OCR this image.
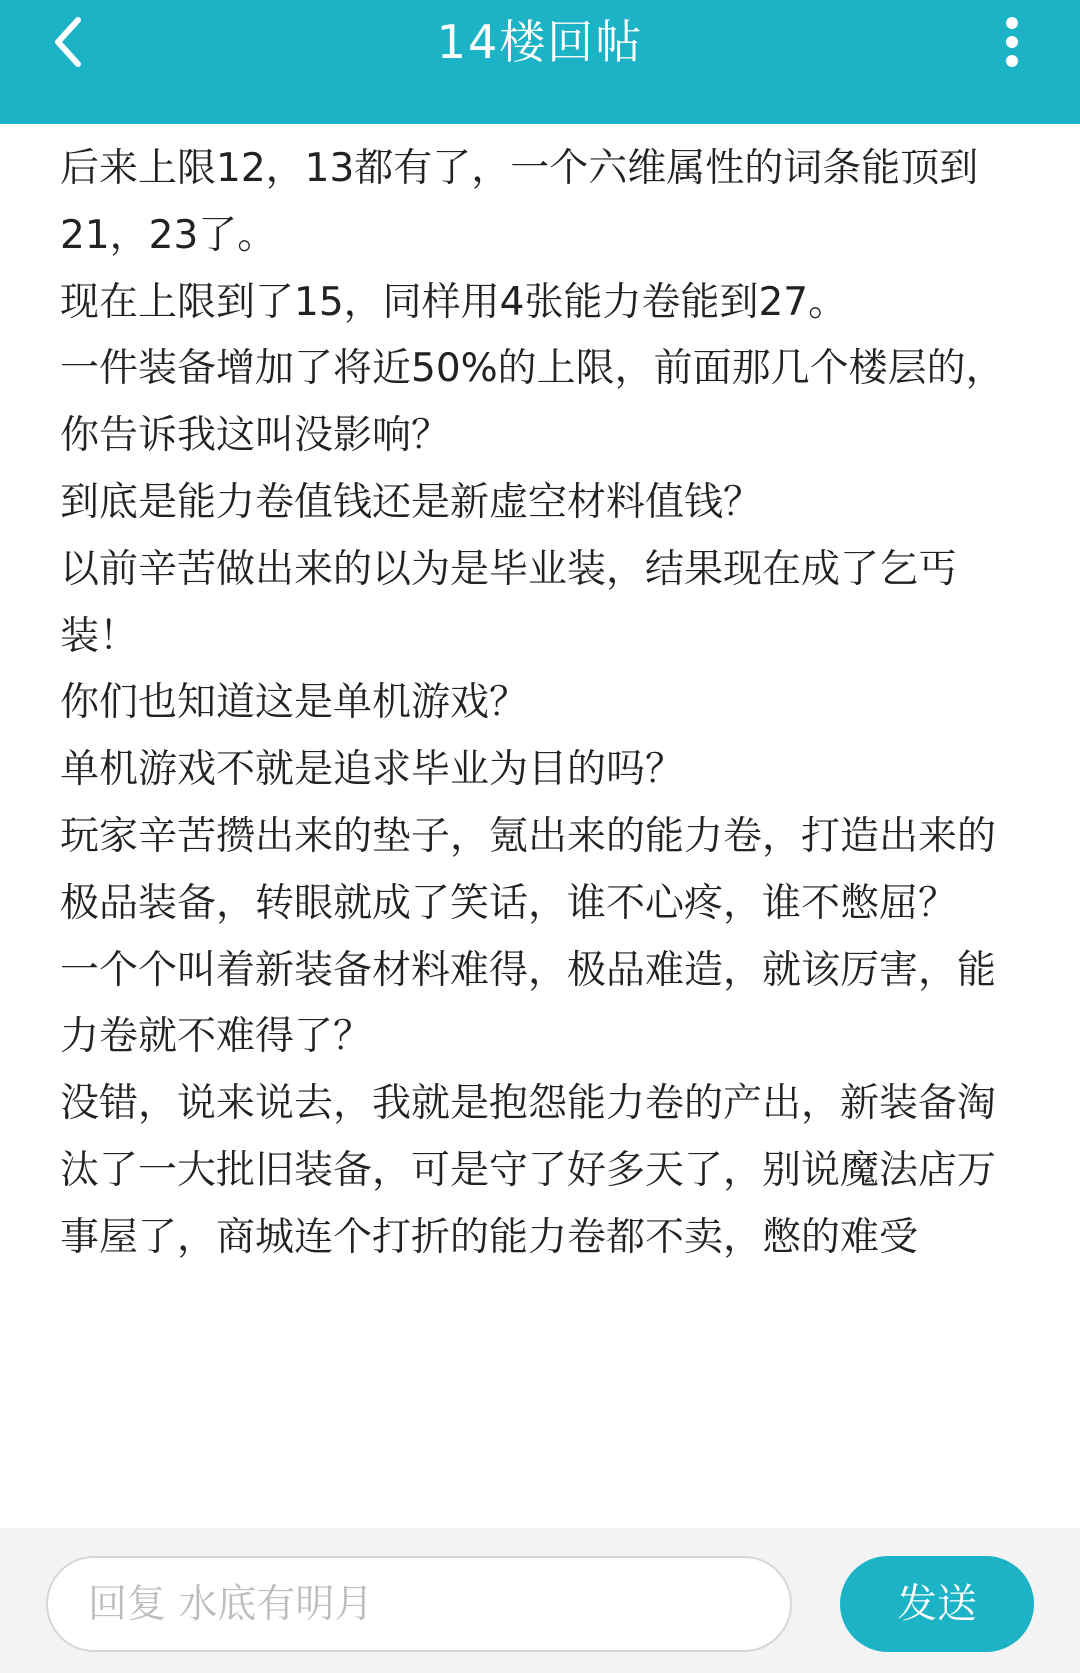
14楼回帖

后来上限12，13都有了，一个六维属性的词条能顶到21，23了。

现在上限到了15，同样用4张能力卷能到27。

一件装备增加了将近50%的上限，前面那几个楼层的，你告诉我这叫没影响？

到底是能力卷值钱还是新虚空材料值钱？

以前辛苦做出来的以为是毕业装，结果现在成了乞丐装！

你们也知道这是单机游戏？

单机游戏不就是追求毕业为目的吗？

玩家辛苦攒出来的垫子，氪出来的能力卷，打造出来的极品装备，转眼就成了笑话，谁不心疼，谁不憋屈？

一个个叫着新装备材料难得，极品难造，就该厉害，能力卷就不难得了？

没错，说来说去，我就是抱怨能力卷的产出，新装备淘汰了一大批旧装备，可是守了好多天了，别说魔法店万事屋了，商城连个打折的能力卷都不卖，憋的难受

回复 水底有明月
发送
